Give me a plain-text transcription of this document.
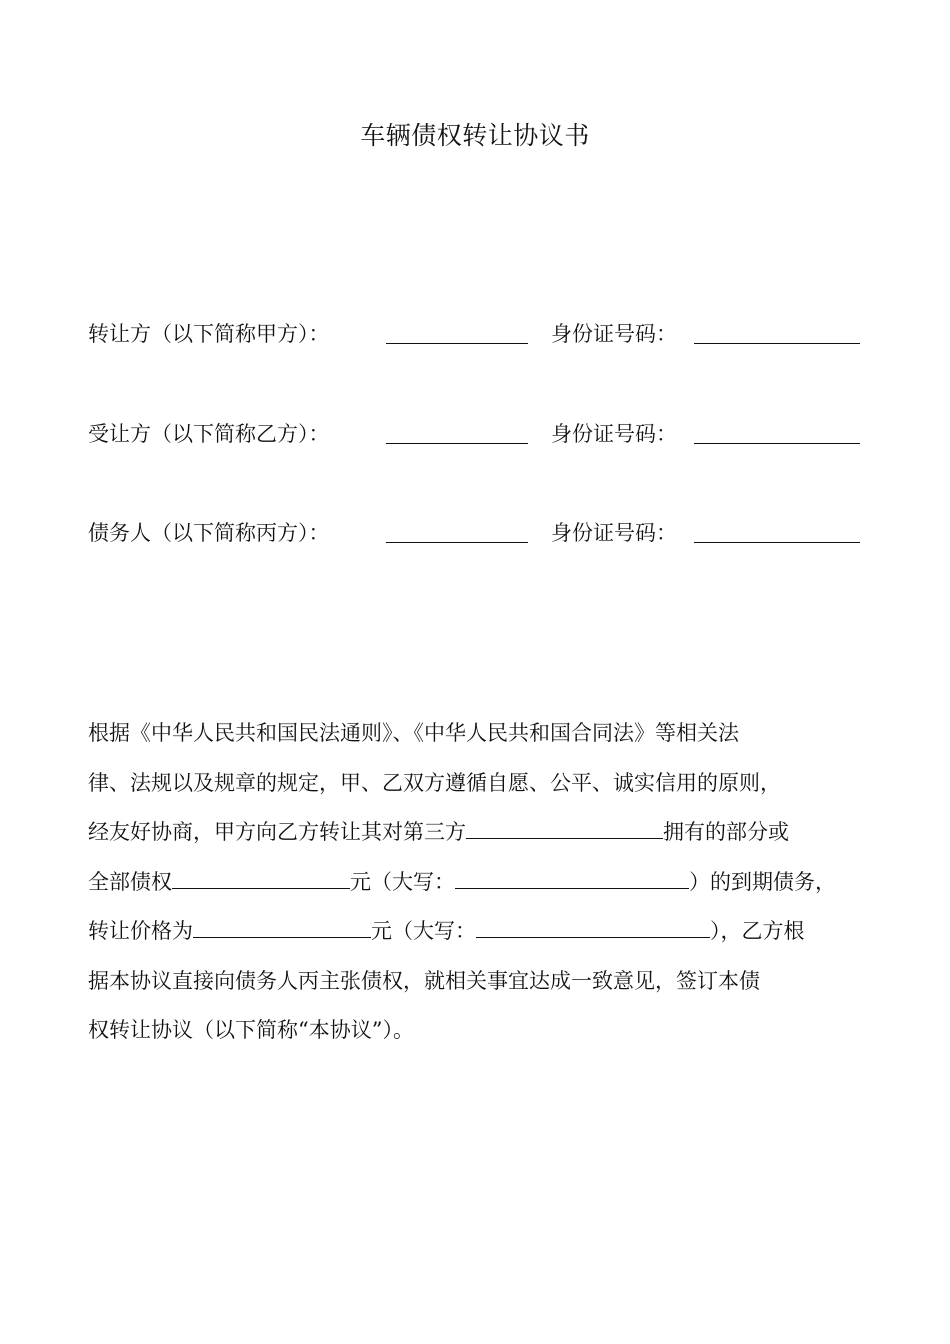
车辆债权转让协议书
转让方（以下简称甲方）：	身份证号码：
受让方（以下简称乙方）：	身份证号码：
债务人（以下简称丙方）：	身份证号码：
根据《中华人民共和国民法通则》、《中华人民共和国合同法》等相关法
律、法规以及规章的规定，甲、乙双方遵循自愿、公平、诚实信用的原则，
经友好协商，甲方向乙方转让其对第三方	拥有的部分或
全部债权	元（大写：	）的到期债务，
转让价格为	元（大写：	），乙方根
据本协议直接向债务人丙主张债权，就相关事宜达成一致意见，签订本债
权转让协议（以下简称“本协议”）。
